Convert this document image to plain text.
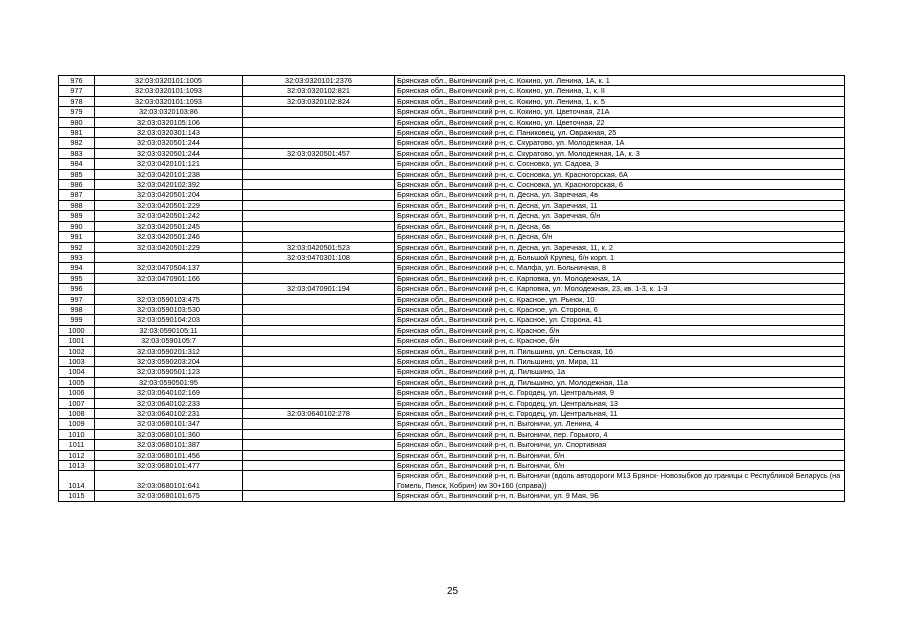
976	32:03:0320101:1005	32:03:0320101:2376	Брянская обл., Выгоничский р-н, с. Кокино, ул. Ленина, 1А, к. 1
977	32:03:0320101:1093	32:03:0320102:821	Брянская обл., Выгоничский р-н, с. Кокино, ул. Ленина, 1, к. II
978	32:03:0320101:1093	32:03:0320102:824	Брянская обл., Выгоничский р-н, с. Кокино, ул. Ленина, 1, к. 5
979	32:03:0320103:86		Брянская обл., Выгоничский р-н, с. Кокино, ул. Цветочная, 21А
980	32:03:0320105:106		Брянская обл., Выгоничский р-н, с. Кокино, ул. Цветочная, 22
981	32:03:0320301:143		Брянская обл., Выгоничский р-н, с. Паниковец, ул. Овражная, 25
982	32:03:0320501:244		Брянская обл., Выгоничский р-н, с. Скуратово, ул. Молодежная, 1А
983	32:03:0320501:244	32:03:0320501:457	Брянская обл., Выгоничский р-н, с. Скуратово, ул. Молодежная, 1А, к. 3
984	32:03:0420101:121		Брянская обл., Выгоничский р-н, с. Сосновка, ул. Садова, 3
985	32:03:0420101:238		Брянская обл., Выгоничский р-н, с. Сосновка, ул. Красногорская, 6А
986	32:03:0420102:392		Брянская обл., Выгоничский р-н, с. Сосновка, ул. Красногорская, 6
987	32:03:0420501:204		Брянская обл., Выгоничский р-н, п. Десна, ул. Заречная, 4в
988	32:03:0420501:229		Брянская обл., Выгоничский р-н, п. Десна, ул. Заречная, 11
989	32:03:0420501:242		Брянская обл., Выгоничский р-н, п. Десна, ул. Заречная, б/н
990	32:03:0420501:245		Брянская обл., Выгоничский р-н, п. Десна, 6в
991	32:03:0420501:246		Брянская обл., Выгоничский р-н, п. Десна, б/н
992	32:03:0420501:229	32:03:0420501:523	Брянская обл., Выгоничский р-н, п. Десна, ул. Заречная, 11, к. 2
993		32:03:0470301:108	Брянская обл., Выгоничский р-н, д. Большой Крупец, б/н корп. 1
994	32:03:0470504:137		Брянская обл., Выгоничский р-н, с. Малфа, ул. Больничная, 8
995	32:03:0470901:166		Брянская обл., Выгоничский р-н, с. Карповка, ул. Молодежная, 1А
996		32:03:0470901:194	Брянская обл., Выгоничский р-н, с. Карповка, ул. Молодежная, 23, кв. 1-3, к. 1-3
997	32:03:0590103:475		Брянская обл., Выгоничский р-н, с. Красное, ул. Рынок, 10
998	32:03:0590103:530		Брянская обл., Выгоничский р-н, с. Красное, ул. Сторона, 6
999	32:03:0590104:203		Брянская обл., Выгоничский р-н, с. Красное, ул. Сторона, 41
1000	32:03:0590105:11		Брянская обл., Выгоничский р-н, с. Красное, б/н
1001	32:03:0590105:7		Брянская обл., Выгоничский р-н, с. Красное, б/н
1002	32:03:0590201:312		Брянская обл., Выгоничский р-н, п. Пильшино, ул. Сельская, 16
1003	32:03:0590203:204		Брянская обл., Выгоничский р-н, п. Пильшино, ул. Мира, 11
1004	32:03:0590501:123		Брянская обл., Выгоничский р-н, д. Пильшино, 1а
1005	32:03:0590501:95		Брянская обл., Выгоничский р-н, д. Пильшино, ул. Молодежная, 11а
1006	32:03:0640102:169		Брянская обл., Выгоничский р-н, с. Городец, ул. Центральная, 9
1007	32:03:0640102:233		Брянская обл., Выгоничский р-н, с. Городец, ул. Центральная, 13
1008	32:03:0640102:231	32:03:0640102:278	Брянская обл., Выгоничский р-н, с. Городец, ул. Центральная, 11
1009	32:03:0680101:347		Брянская обл., Выгоничский р-н, п. Выгоничи, ул. Ленина, 4
1010	32:03:0680101:360		Брянская обл., Выгоничский р-н, п. Выгоничи, пер. Горького, 4
1011	32:03:0680101:387		Брянская обл., Выгоничский р-н, п. Выгоничи, ул. Спортивная
1012	32:03:0680101:456		Брянская обл., Выгоничский р-н, п. Выгоничи, б/н
1013	32:03:0680101:477		Брянская обл., Выгоничский р-н, п. Выгоничи, б/н
1014	32:03:0680101:641		Брянская обл., Выгоничский р-н, п. Выгоничи (вдоль автодороги М13 Брянск- Новозыбков до границы с Республикой Беларусь (на Гомель, Пинск, Кобрин) км 30+160 (справа))
1015	32:03:0680101:675		Брянская обл., Выгоничский р-н, п. Выгоничи, ул. 9 Мая, 9Б
25
